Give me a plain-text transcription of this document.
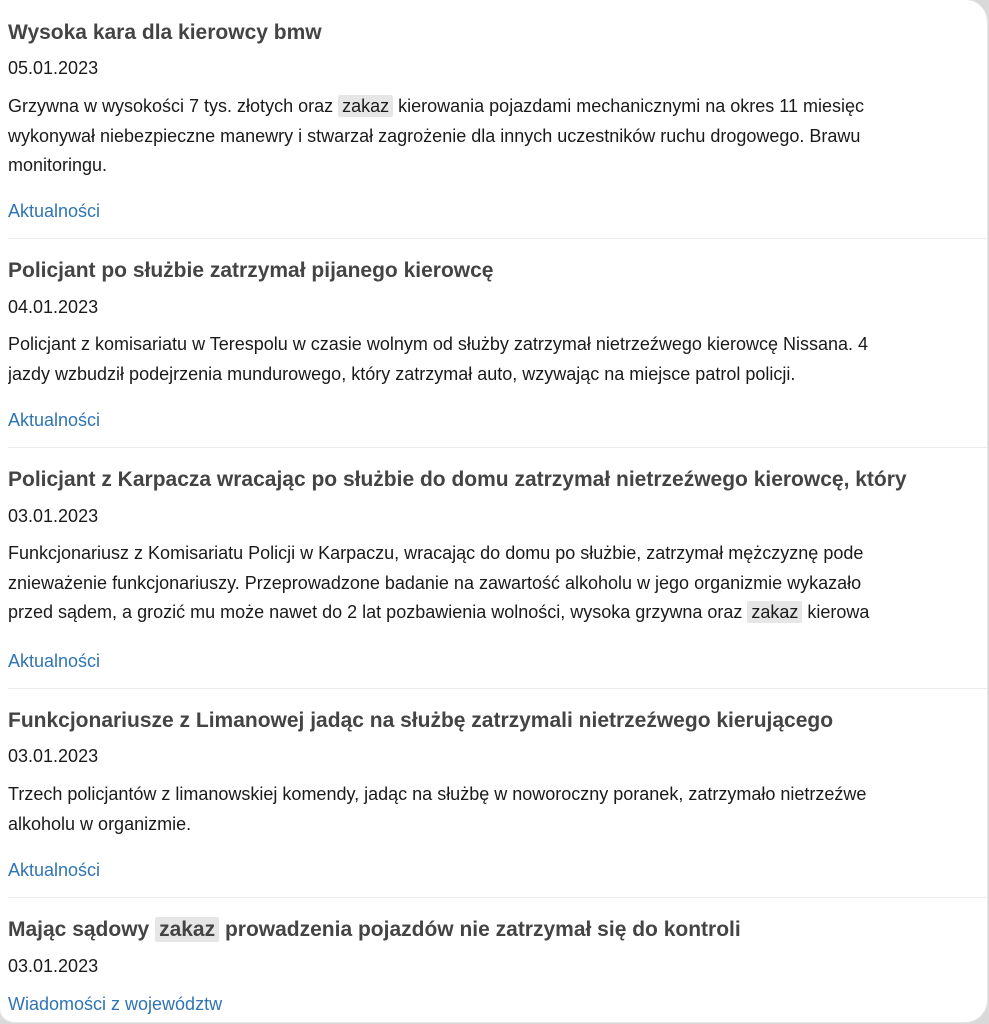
Wysoka kara dla kierowcy bmw
05.01.2023
Grzywna w wysokości 7 tys. złotych oraz zakaz kierowania pojazdami mechanicznymi na okres 11 miesięc
wykonywał niebezpieczne manewry i stwarzał zagrożenie dla innych uczestników ruchu drogowego. Brawu
monitoringu.
Aktualności
Policjant po służbie zatrzymał pijanego kierowcę
04.01.2023
Policjant z komisariatu w Terespolu w czasie wolnym od służby zatrzymał nietrzeźwego kierowcę Nissana. 4
jazdy wzbudził podejrzenia mundurowego, który zatrzymał auto, wzywając na miejsce patrol policji.
Aktualności
Policjant z Karpacza wracając po służbie do domu zatrzymał nietrzeźwego kierowcę, który
03.01.2023
Funkcjonariusz z Komisariatu Policji w Karpaczu, wracając do domu po służbie, zatrzymał mężczyznę pode
znieważenie funkcjonariuszy. Przeprowadzone badanie na zawartość alkoholu w jego organizmie wykazało
przed sądem, a grozić mu może nawet do 2 lat pozbawienia wolności, wysoka grzywna oraz zakaz kierowa
Aktualności
Funkcjonariusze z Limanowej jadąc na służbę zatrzymali nietrzeźwego kierującego
03.01.2023
Trzech policjantów z limanowskiej komendy, jadąc na służbę w noworoczny poranek, zatrzymało nietrzeźwe
alkoholu w organizmie.
Aktualności
Mając sądowy zakaz prowadzenia pojazdów nie zatrzymał się do kontroli
03.01.2023
Wiadomości z województw
